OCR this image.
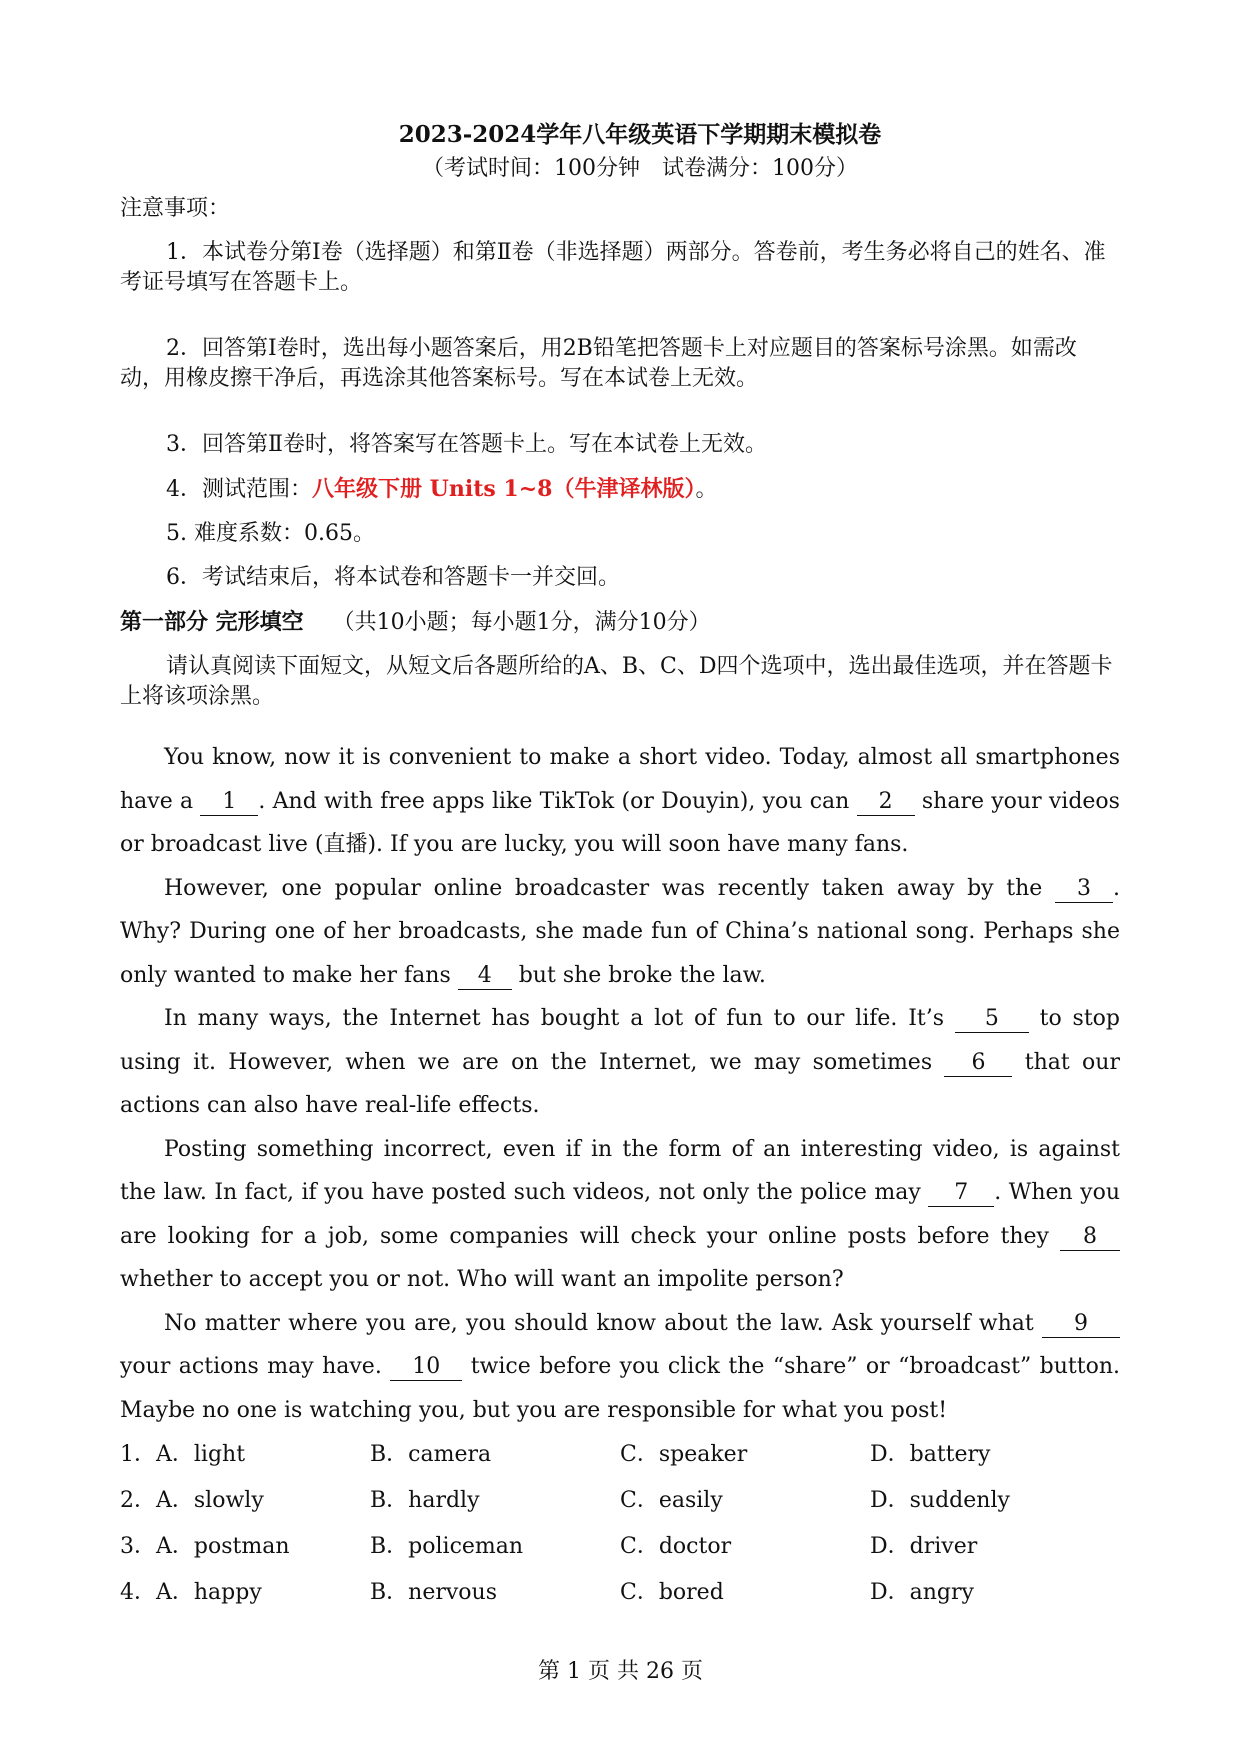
2023-2024学年八年级英语下学期期末模拟卷
（考试时间：100分钟　试卷满分：100分）
注意事项：
1．本试卷分第Ⅰ卷（选择题）和第Ⅱ卷（非选择题）两部分。答卷前，考生务必将自己的姓名、准考证号填写在答题卡上。
2．回答第Ⅰ卷时，选出每小题答案后，用2B铅笔把答题卡上对应题目的答案标号涂黑。如需改动，用橡皮擦干净后，再选涂其他答案标号。写在本试卷上无效。
3．回答第Ⅱ卷时，将答案写在答题卡上。写在本试卷上无效。
4．测试范围：八年级下册 Units 1~8（牛津译林版）。
5. 难度系数：0.65。
6．考试结束后，将本试卷和答题卡一并交回。
第一部分 完形填空　 （共10小题；每小题1分，满分10分）
请认真阅读下面短文，从短文后各题所给的A、B、C、D四个选项中，选出最佳选项，并在答题卡上将该项涂黑。

You know, now it is convenient to make a short video. Today, almost all smartphones have a 1 . And with free apps like TikTok (or Douyin), you can 2 share your videos or broadcast live (直播). If you are lucky, you will soon have many fans.

However, one popular online broadcaster was recently taken away by the 3 . Why? During one of her broadcasts, she made fun of China’s national song. Perhaps she only wanted to make her fans 4 but she broke the law.

In many ways, the Internet has bought a lot of fun to our life. It’s 5 to stop using it. However, when we are on the Internet, we may sometimes 6 that our actions can also have real-life effects.

Posting something incorrect, even if in the form of an interesting video, is against the law. In fact, if you have posted such videos, not only the police may 7 . When you are looking for a job, some companies will check your online posts before they 8 whether to accept you or not. Who will want an impolite person?

No matter where you are, you should know about the law. Ask yourself what 9 your actions may have. 10 twice before you click the “share” or “broadcast” button. Maybe no one is watching you, but you are responsible for what you post!

1．A．light	B．camera	C．speaker	D．battery
2．A．slowly	B．hardly	C．easily	D．suddenly
3．A．postman	B．policeman	C．doctor	D．driver
4．A．happy	B．nervous	C．bored	D．angry
第 1 页 共 26 页
